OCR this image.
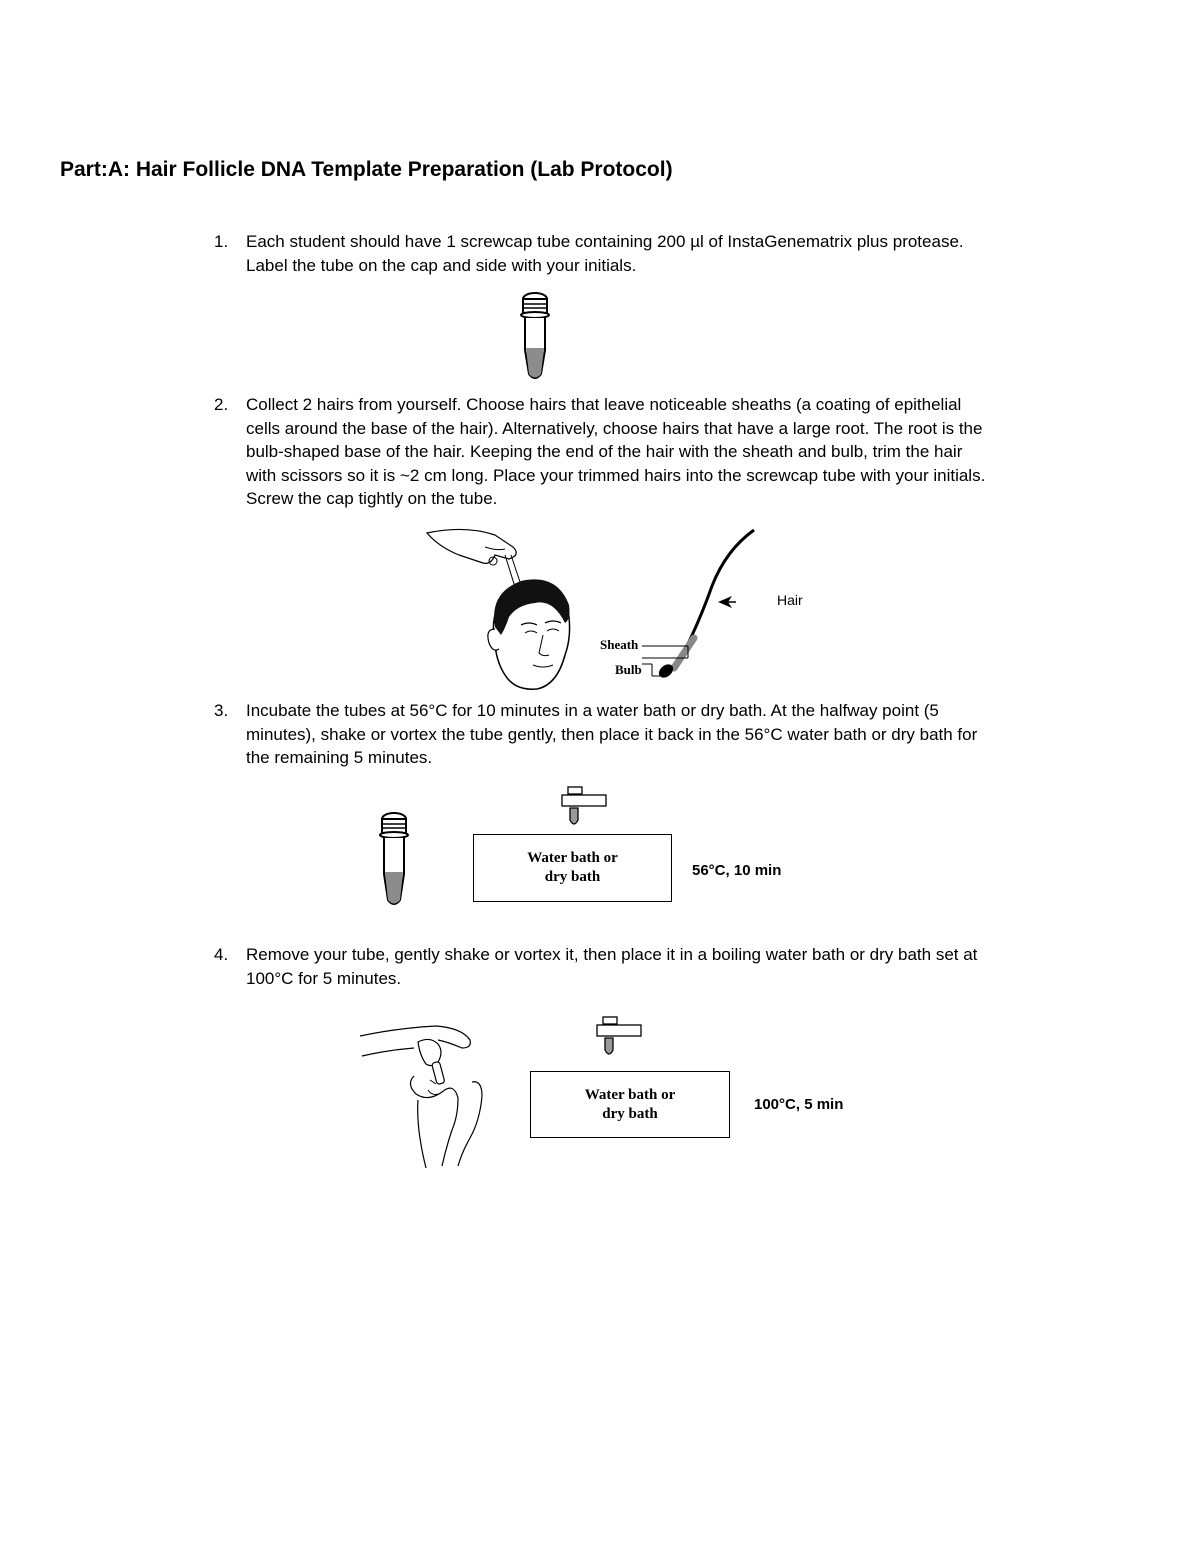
Part:A: Hair Follicle DNA Template Preparation (Lab Protocol)
1. Each student should have 1 screwcap tube containing 200 µl of InstaGenematrix plus protease. Label the tube on the cap and side with your initials.
2. Collect 2 hairs from yourself. Choose hairs that leave noticeable sheaths (a coating of epithelial cells around the base of the hair). Alternatively, choose hairs that have a large root. The root is the bulb-shaped base of the hair. Keeping the end of the hair with the sheath and bulb, trim the hair with scissors so it is ~2 cm long. Place your trimmed hairs into the screwcap tube with your initials. Screw the cap tightly on the tube.
Hair
Sheath
Bulb
3. Incubate the tubes at 56°C for 10 minutes in a water bath or dry bath. At the halfway point (5 minutes), shake or vortex the tube gently, then place it back in the 56°C water bath or dry bath for the remaining 5 minutes.
Water bath or
dry bath	56°C, 10 min
4. Remove your tube, gently shake or vortex it, then place it in a boiling water bath or dry bath set at 100°C for 5 minutes.
Water bath or
dry bath
100°C, 5 min
